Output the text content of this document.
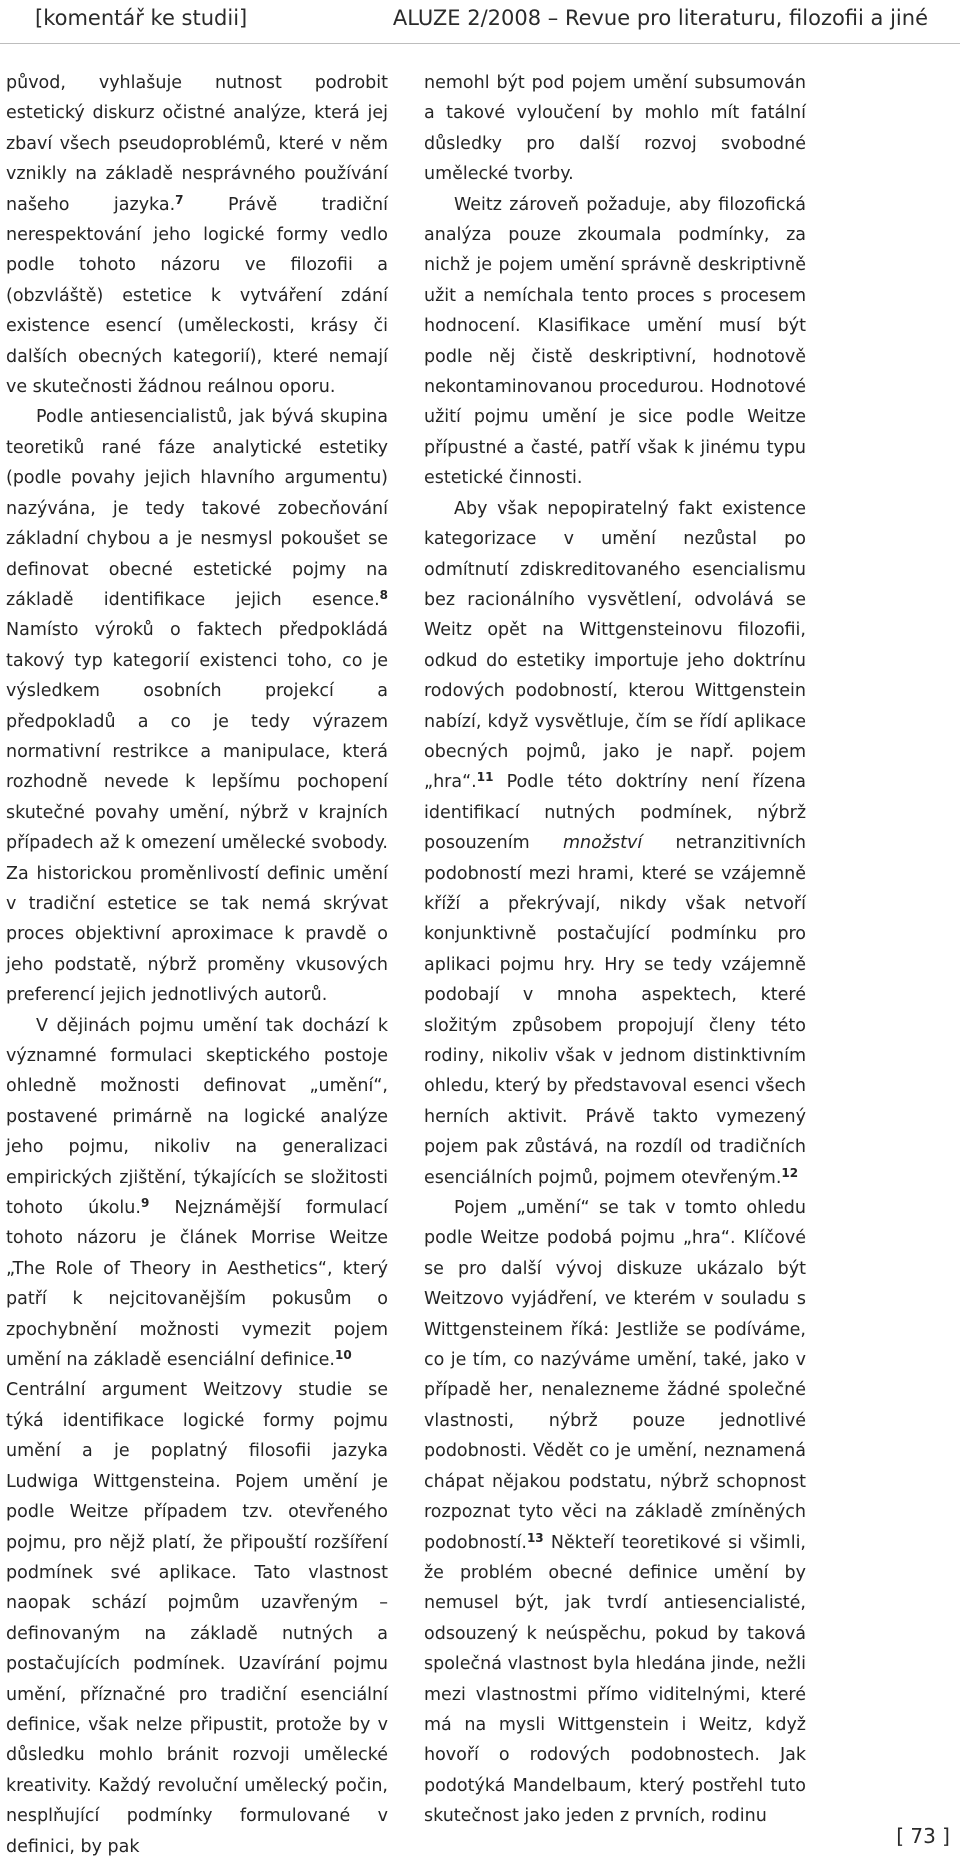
[komentář ke studii]	ALUZE 2/2008 – Revue pro literaturu, filozofii a jiné

původ, vyhlašuje nutnost podrobit estetický diskurz očistné analýze, která jej zbaví všech pseudoproblémů, které v něm vznikly na základě nesprávného používání našeho jazyka.$^7$ Právě tradiční nerespektování jeho logické formy vedlo podle tohoto názoru ve filozofii a (obzvláště) estetice k vytváření zdání existence esencí (uměleckosti, krásy či dalších obecných kategorií), které nemají ve skutečnosti žádnou reálnou oporu.

Podle antiesencialistů, jak bývá skupina teoretiků rané fáze analytické estetiky (podle povahy jejich hlavního argumentu) nazývána, je tedy takové zobecňování základní chybou a je nesmysl pokoušet se definovat obecné estetické pojmy na základě identifikace jejich esence.$^8$ Namísto výroků o faktech předpokládá takový typ kategorií existenci toho, co je výsledkem osobních projekcí a předpokladů a co je tedy výrazem normativní restrikce a manipulace, která rozhodně nevede k lepšímu pochopení skutečné povahy umění, nýbrž v krajních případech až k omezení umělecké svobody. Za historickou proměnlivostí definic umění v tradiční estetice se tak nemá skrývat proces objektivní aproximace k pravdě o jeho podstatě, nýbrž proměny vkusových preferencí jejich jednotlivých autorů.

V dějinách pojmu umění tak dochází k významné formulaci skeptického postoje ohledně možnosti definovat „umění“, postavené primárně na logické analýze jeho pojmu, nikoliv na generalizaci empirických zjištění, týkajících se složitosti tohoto úkolu.$^9$ Nejznámější formulací tohoto názoru je článek Morrise Weitze „The Role of Theory in Aesthetics“, který patří k nejcitovanějším pokusům o zpochybnění možnosti vymezit pojem umění na základě esenciální definice.$^{10}$

Centrální argument Weitzovy studie se týká identifikace logické formy pojmu umění a je poplatný filosofii jazyka Ludwiga Wittgensteina. Pojem umění je podle Weitze případem tzv. otevřeného pojmu, pro nějž platí, že připouští rozšíření podmínek své aplikace. Tato vlastnost naopak schází pojmům uzavřeným – definovaným na základě nutných a postačujících podmínek. Uzavírání pojmu umění, příznačné pro tradiční esenciální definice, však nelze připustit, protože by v důsledku mohlo bránit rozvoji umělecké kreativity. Každý revoluční umělecký počin, nesplňující podmínky formulované v definici, by pak

nemohl být pod pojem umění subsumován a takové vyloučení by mohlo mít fatální důsledky pro další rozvoj svobodné umělecké tvorby.

Weitz zároveň požaduje, aby filozofická analýza pouze zkoumala podmínky, za nichž je pojem umění správně deskriptivně užit a nemíchala tento proces s procesem hodnocení. Klasifikace umění musí být podle něj čistě deskriptivní, hodnotově nekontaminovanou procedurou. Hodnotové užití pojmu umění je sice podle Weitze přípustné a časté, patří však k jinému typu estetické činnosti.

Aby však nepopiratelný fakt existence kategorizace v umění nezůstal po odmítnutí zdiskreditovaného esencialismu bez racionálního vysvětlení, odvolává se Weitz opět na Wittgensteinovu filozofii, odkud do estetiky importuje jeho doktrínu rodových podobností, kterou Wittgenstein nabízí, když vysvětluje, čím se řídí aplikace obecných pojmů, jako je např. pojem „hra“.$^{11}$ Podle této doktríny není řízena identifikací nutných podmínek, nýbrž posouzením množství netranzitivních podobností mezi hrami, které se vzájemně kříží a překrývají, nikdy však netvoří konjunktivně postačující podmínku pro aplikaci pojmu hry. Hry se tedy vzájemně podobají v mnoha aspektech, které složitým způsobem propojují členy této rodiny, nikoliv však v jednom distinktivním ohledu, který by představoval esenci všech herních aktivit. Právě takto vymezený pojem pak zůstává, na rozdíl od tradičních esenciálních pojmů, pojmem otevřeným.$^{12}$

Pojem „umění“ se tak v tomto ohledu podle Weitze podobá pojmu „hra“. Klíčové se pro další vývoj diskuze ukázalo být Weitzovo vyjádření, ve kterém v souladu s Wittgensteinem říká: Jestliže se podíváme, co je tím, co nazýváme umění, také, jako v případě her, nenalezneme žádné společné vlastnosti, nýbrž pouze jednotlivé podobnosti. Vědět co je umění, neznamená chápat nějakou podstatu, nýbrž schopnost rozpoznat tyto věci na základě zmíněných podobností.$^{13}$ Někteří teoretikové si všimli, že problém obecné definice umění by nemusel být, jak tvrdí antiesencialisté, odsouzený k neúspěchu, pokud by taková společná vlastnost byla hledána jinde, nežli mezi vlastnostmi přímo viditelnými, které má na mysli Wittgenstein i Weitz, když hovoří o rodových podobnostech. Jak podotýká Mandelbaum, který postřehl tuto skutečnost jako jeden z prvních, rodinu

[ 73 ]
